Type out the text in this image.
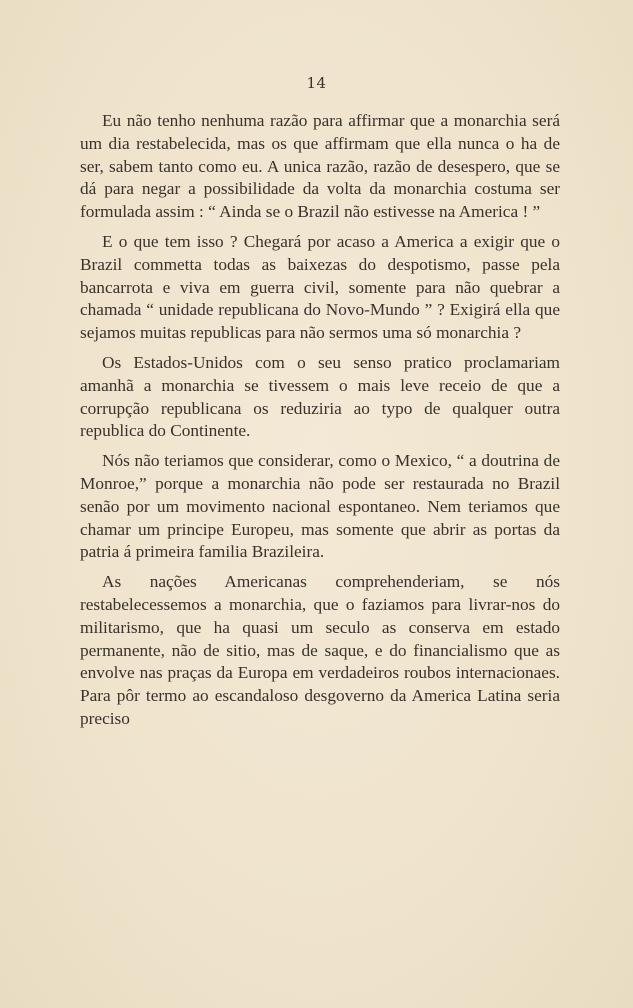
14

Eu não tenho nenhuma razão para affirmar que a monarchia será um dia restabelecida, mas os que affirmam que ella nunca o ha de ser, sabem tanto como eu. A unica razão, razão de desespero, que se dá para negar a possibilidade da volta da monarchia costuma ser formulada assim : “ Ainda se o Brazil não estivesse na America ! ”

E o que tem isso ? Chegará por acaso a America a exigir que o Brazil commetta todas as baixezas do despotismo, passe pela bancarrota e viva em guerra civil, somente para não quebrar a chamada “ unidade republicana do Novo-Mundo ” ? Exigirá ella que sejamos muitas republicas para não sermos uma só monarchia ?

Os Estados-Unidos com o seu senso pratico proclamariam amanhã a monarchia se tivessem o mais leve receio de que a corrupção republicana os reduziria ao typo de qualquer outra republica do Continente.

Nós não teriamos que considerar, como o Mexico, “ a doutrina de Monroe,” porque a monarchia não pode ser restaurada no Brazil senão por um movimento nacional espontaneo. Nem teriamos que chamar um principe Europeu, mas somente que abrir as portas da patria á primeira familia Brazileira.

As nações Americanas comprehenderiam, se nós restabelecessemos a monarchia, que o faziamos para livrar-nos do militarismo, que ha quasi um seculo as conserva em estado permanente, não de sitio, mas de saque, e do financialismo que as envolve nas praças da Europa em verdadeiros roubos internacionaes. Para pôr termo ao escandaloso desgoverno da America Latina seria preciso
